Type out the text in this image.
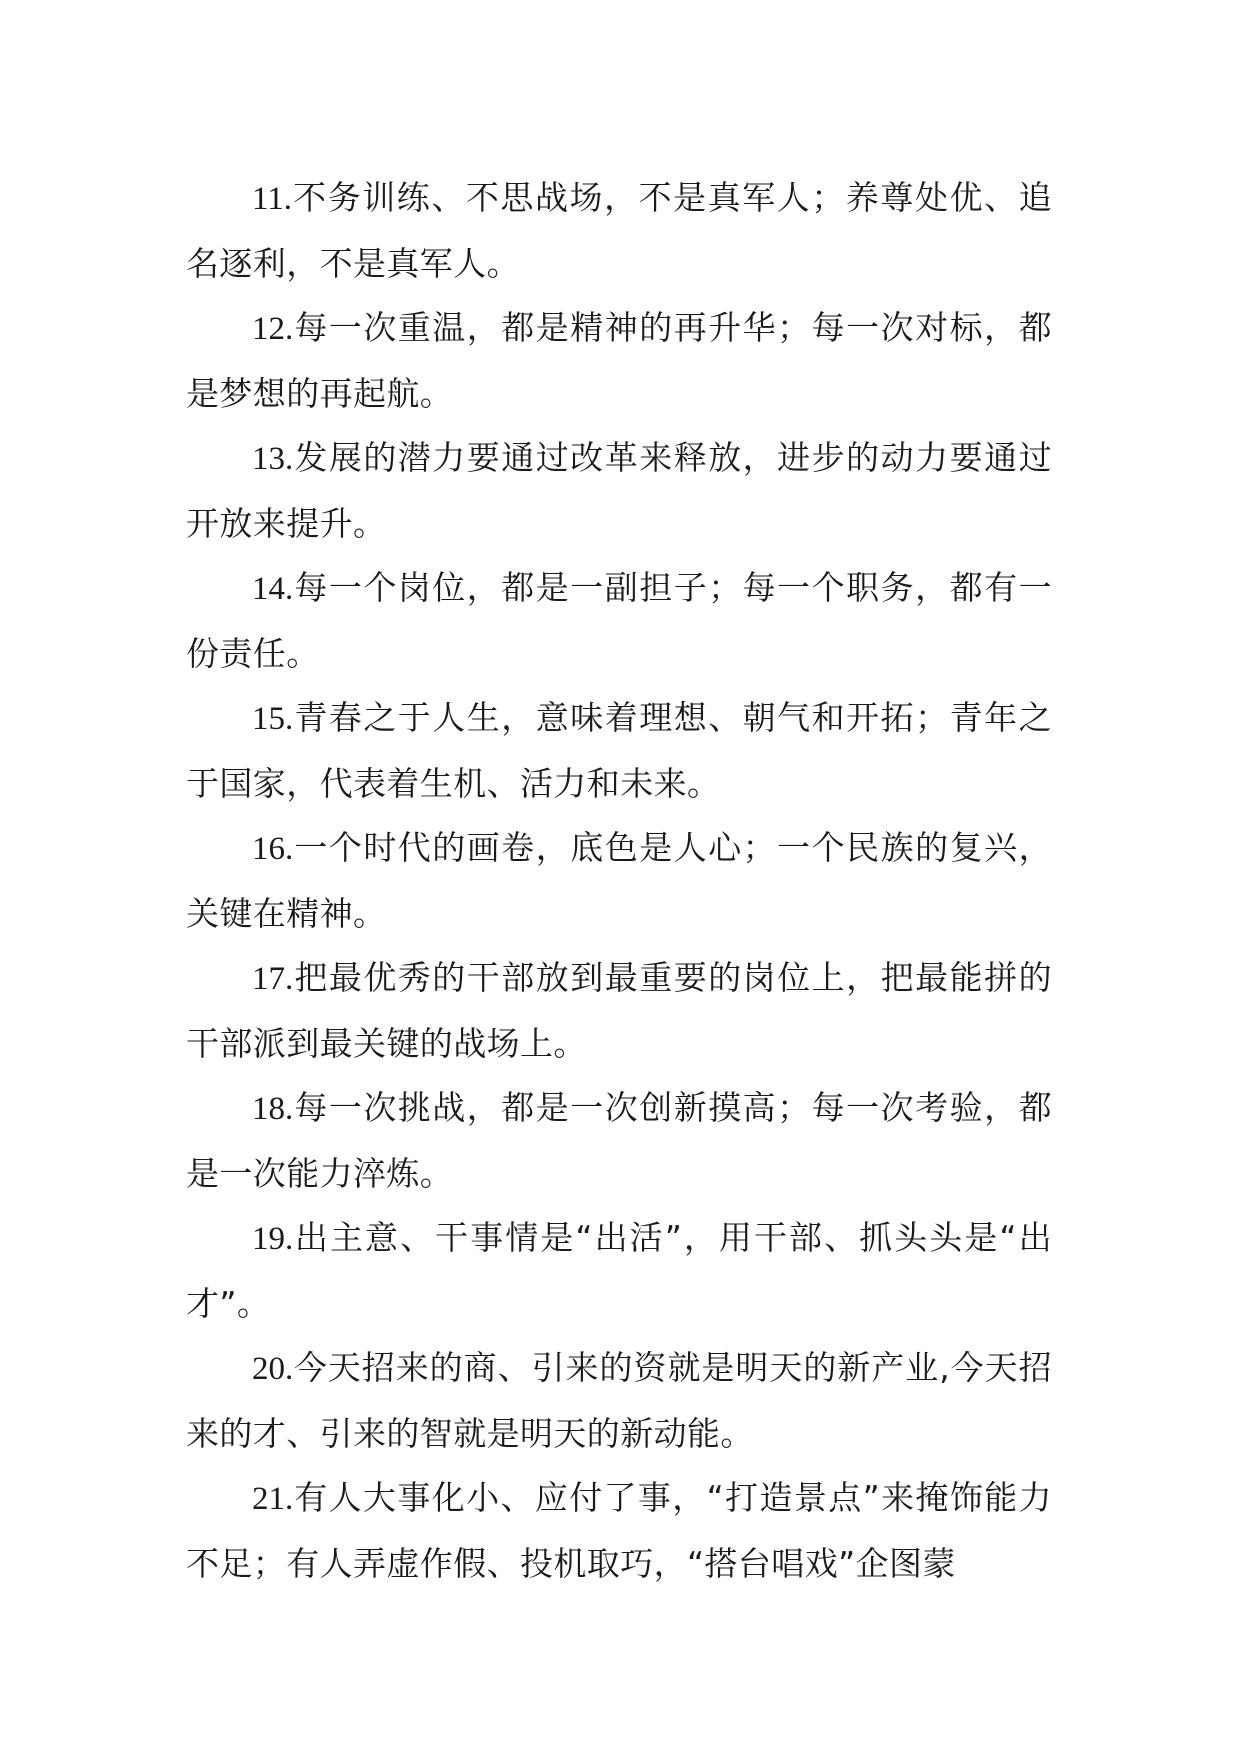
11.不务训练、不思战场，不是真军人；养尊处优、追名逐利，不是真军人。

12.每一次重温，都是精神的再升华；每一次对标，都是梦想的再起航。

13.发展的潜力要通过改革来释放，进步的动力要通过开放来提升。

14.每一个岗位，都是一副担子；每一个职务，都有一份责任。

15.青春之于人生，意味着理想、朝气和开拓；青年之于国家，代表着生机、活力和未来。

16.一个时代的画卷，底色是人心；一个民族的复兴，关键在精神。

17.把最优秀的干部放到最重要的岗位上，把最能拼的干部派到最关键的战场上。

18.每一次挑战，都是一次创新摸高；每一次考验，都是一次能力淬炼。

19.出主意、干事情是“出活”，用干部、抓头头是“出才”。

20.今天招来的商、引来的资就是明天的新产业,今天招来的才、引来的智就是明天的新动能。

21.有人大事化小、应付了事，“打造景点”来掩饰能力不足；有人弄虚作假、投机取巧，“搭台唱戏”企图蒙
